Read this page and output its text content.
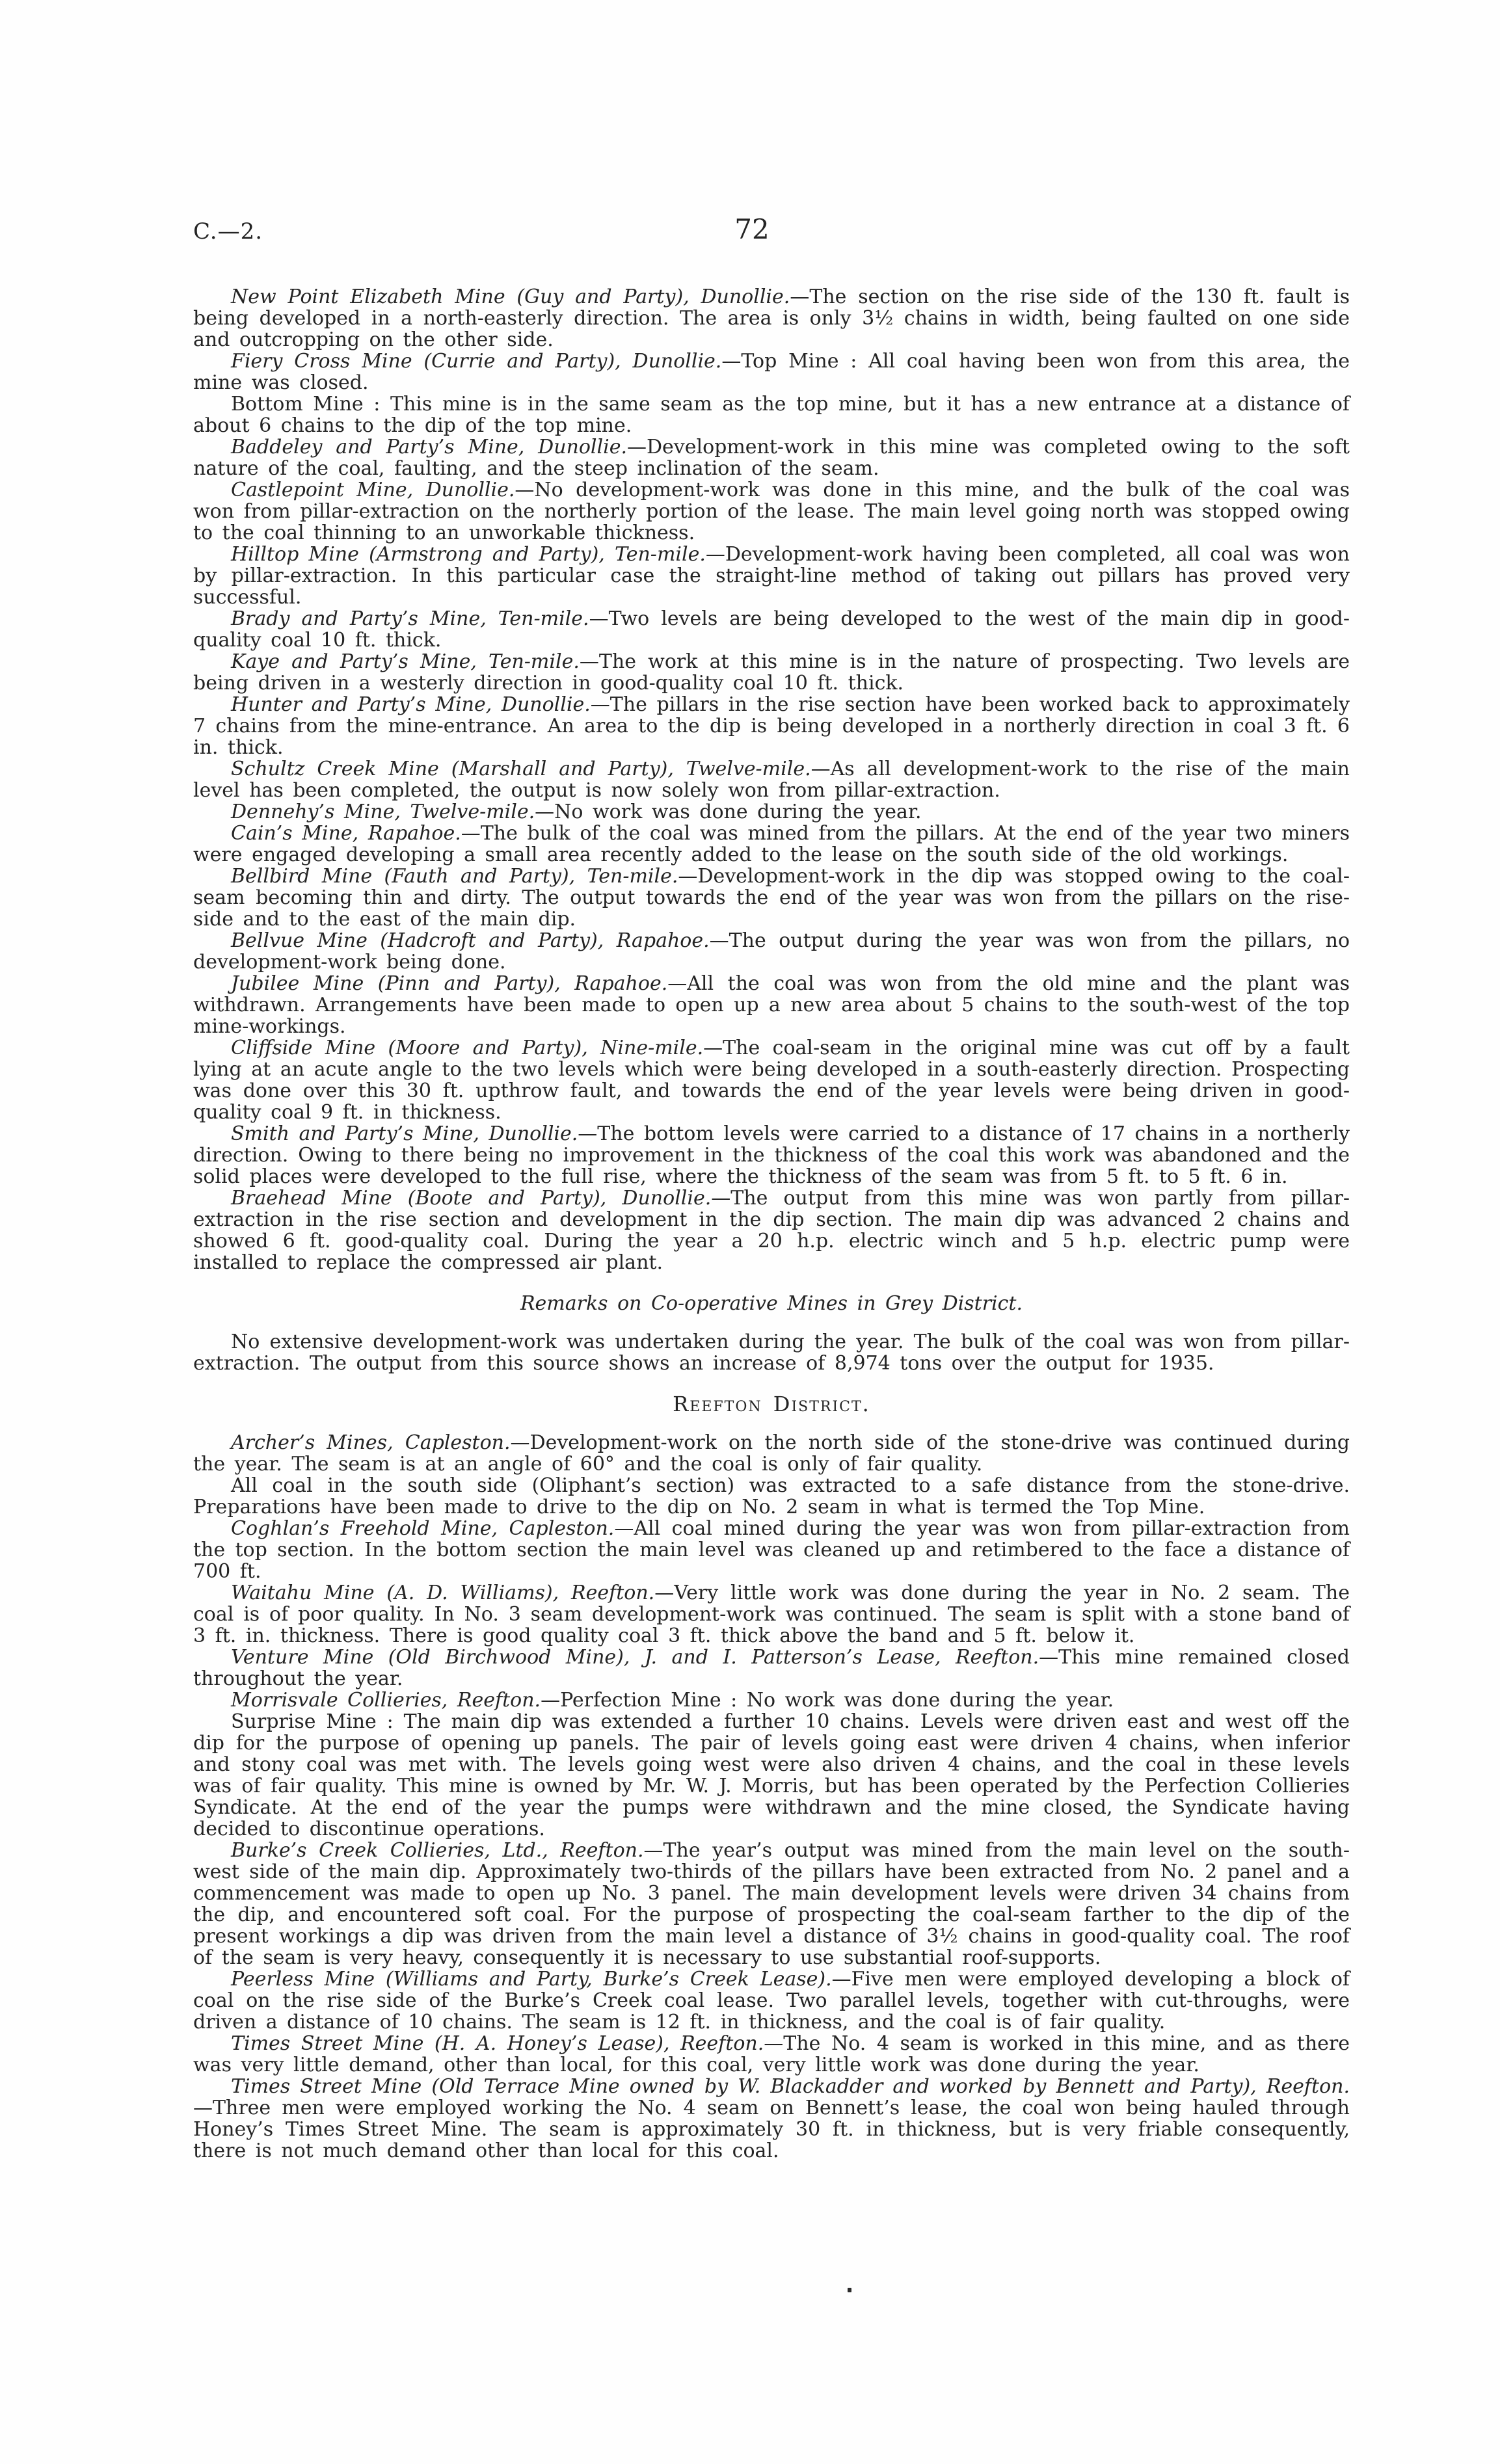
C.—2.	72

New Point Elizabeth Mine (Guy and Party), Dunollie.—The section on the rise side of the 130 ft. fault is being developed in a north-easterly direction. The area is only 3½ chains in width, being faulted on one side and outcropping on the other side.

Fiery Cross Mine (Currie and Party), Dunollie.—Top Mine : All coal having been won from this area, the mine was closed.

Bottom Mine : This mine is in the same seam as the top mine, but it has a new entrance at a distance of about 6 chains to the dip of the top mine.

Baddeley and Party’s Mine, Dunollie.—Development-work in this mine was completed owing to the soft nature of the coal, faulting, and the steep inclination of the seam.

Castlepoint Mine, Dunollie.—No development-work was done in this mine, and the bulk of the coal was won from pillar-extraction on the northerly portion of the lease. The main level going north was stopped owing to the coal thinning to an unworkable thickness.

Hilltop Mine (Armstrong and Party), Ten-mile.—Development-work having been completed, all coal was won by pillar-extraction. In this particular case the straight-line method of taking out pillars has proved very successful.

Brady and Party’s Mine, Ten-mile.—Two levels are being developed to the west of the main dip in good-quality coal 10 ft. thick.

Kaye and Party’s Mine, Ten-mile.—The work at this mine is in the nature of prospecting. Two levels are being driven in a westerly direction in good-quality coal 10 ft. thick.

Hunter and Party’s Mine, Dunollie.—The pillars in the rise section have been worked back to approximately 7 chains from the mine-entrance. An area to the dip is being developed in a northerly direction in coal 3 ft. 6 in. thick.

Schultz Creek Mine (Marshall and Party), Twelve-mile.—As all development-work to the rise of the main level has been completed, the output is now solely won from pillar-extraction.

Dennehy’s Mine, Twelve-mile.—No work was done during the year.

Cain’s Mine, Rapahoe.—The bulk of the coal was mined from the pillars. At the end of the year two miners were engaged developing a small area recently added to the lease on the south side of the old workings.

Bellbird Mine (Fauth and Party), Ten-mile.—Development-work in the dip was stopped owing to the coal-seam becoming thin and dirty. The output towards the end of the year was won from the pillars on the rise-side and to the east of the main dip.

Bellvue Mine (Hadcroft and Party), Rapahoe.—The output during the year was won from the pillars, no development-work being done.

Jubilee Mine (Pinn and Party), Rapahoe.—All the coal was won from the old mine and the plant was withdrawn. Arrangements have been made to open up a new area about 5 chains to the south-west of the top mine-workings.

Cliffside Mine (Moore and Party), Nine-mile.—The coal-seam in the original mine was cut off by a fault lying at an acute angle to the two levels which were being developed in a south-easterly direction. Prospecting was done over this 30 ft. upthrow fault, and towards the end of the year levels were being driven in good-quality coal 9 ft. in thickness.

Smith and Party’s Mine, Dunollie.—The bottom levels were carried to a distance of 17 chains in a northerly direction. Owing to there being no improvement in the thickness of the coal this work was abandoned and the solid places were developed to the full rise, where the thickness of the seam was from 5 ft. to 5 ft. 6 in.

Braehead Mine (Boote and Party), Dunollie.—The output from this mine was won partly from pillar-extraction in the rise section and development in the dip section. The main dip was advanced 2 chains and showed 6 ft. good-quality coal. During the year a 20 h.p. electric winch and 5 h.p. electric pump were installed to replace the compressed air plant.

Remarks on Co-operative Mines in Grey District.

No extensive development-work was undertaken during the year. The bulk of the coal was won from pillar-extraction. The output from this source shows an increase of 8,974 tons over the output for 1935.

Reefton District.

Archer’s Mines, Capleston.—Development-work on the north side of the stone-drive was continued during the year. The seam is at an angle of 60° and the coal is only of fair quality.

All coal in the south side (Oliphant’s section) was extracted to a safe distance from the stone-drive. Preparations have been made to drive to the dip on No. 2 seam in what is termed the Top Mine.

Coghlan’s Freehold Mine, Capleston.—All coal mined during the year was won from pillar-extraction from the top section. In the bottom section the main level was cleaned up and retimbered to the face a distance of 700 ft.

Waitahu Mine (A. D. Williams), Reefton.—Very little work was done during the year in No. 2 seam. The coal is of poor quality. In No. 3 seam development-work was continued. The seam is split with a stone band of 3 ft. in. thickness. There is good quality coal 3 ft. thick above the band and 5 ft. below it.

Venture Mine (Old Birchwood Mine), J. and I. Patterson’s Lease, Reefton.—This mine remained closed throughout the year.

Morrisvale Collieries, Reefton.—Perfection Mine : No work was done during the year.

Surprise Mine : The main dip was extended a further 10 chains. Levels were driven east and west off the dip for the purpose of opening up panels. The pair of levels going east were driven 4 chains, when inferior and stony coal was met with. The levels going west were also driven 4 chains, and the coal in these levels was of fair quality. This mine is owned by Mr. W. J. Morris, but has been operated by the Perfection Collieries Syndicate. At the end of the year the pumps were withdrawn and the mine closed, the Syndicate having decided to discontinue operations.

Burke’s Creek Collieries, Ltd., Reefton.—The year’s output was mined from the main level on the south-west side of the main dip. Approximately two-thirds of the pillars have been extracted from No. 2 panel and a commencement was made to open up No. 3 panel. The main development levels were driven 34 chains from the dip, and encountered soft coal. For the purpose of prospecting the coal-seam farther to the dip of the present workings a dip was driven from the main level a distance of 3½ chains in good-quality coal. The roof of the seam is very heavy, consequently it is necessary to use substantial roof-supports.

Peerless Mine (Williams and Party, Burke’s Creek Lease).—Five men were employed developing a block of coal on the rise side of the Burke’s Creek coal lease. Two parallel levels, together with cut-throughs, were driven a distance of 10 chains. The seam is 12 ft. in thickness, and the coal is of fair quality.

Times Street Mine (H. A. Honey’s Lease), Reefton.—The No. 4 seam is worked in this mine, and as there was very little demand, other than local, for this coal, very little work was done during the year.

Times Street Mine (Old Terrace Mine owned by W. Blackadder and worked by Bennett and Party), Reefton.—Three men were employed working the No. 4 seam on Bennett’s lease, the coal won being hauled through Honey’s Times Street Mine. The seam is approximately 30 ft. in thickness, but is very friable consequently, there is not much demand other than local for this coal.
